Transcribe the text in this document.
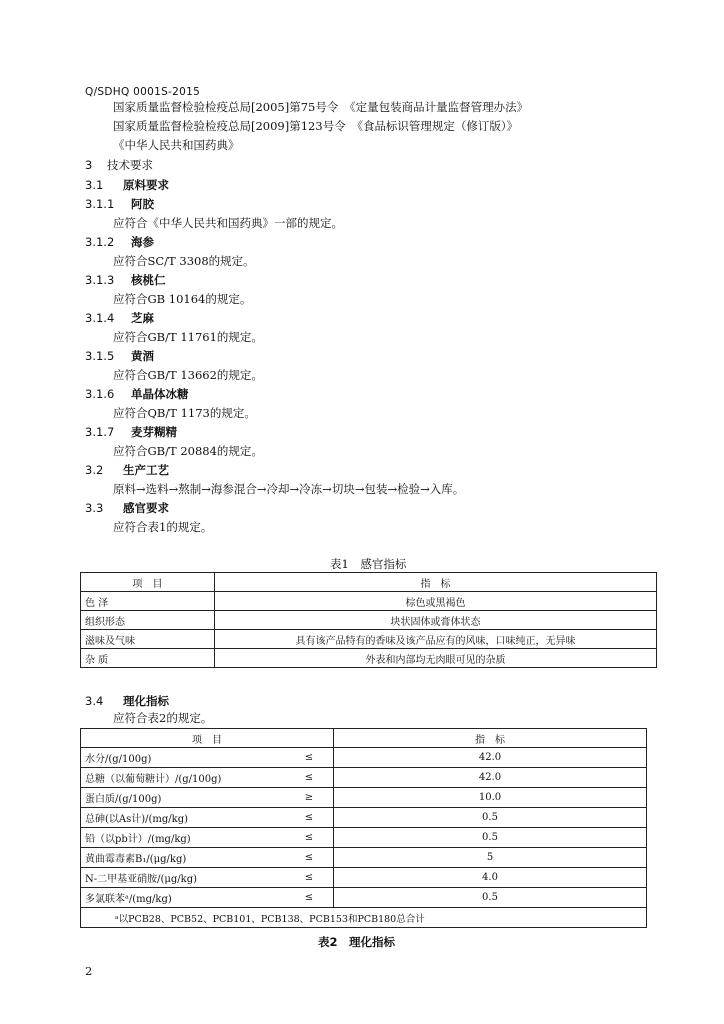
Q/SDHQ 0001S-2015
国家质量监督检验检疫总局[2005]第75号令　《定量包装商品计量监督管理办法》
国家质量监督检验检疫总局[2009]第123号令　《食品标识管理规定（修订版）》
《中华人民共和国药典》
3 技术要求
3.1 原料要求
3.1.1 阿胶
应符合《中华人民共和国药典》一部的规定。
3.1.2 海参
应符合SC/T 3308的规定。
3.1.3 核桃仁
应符合GB 10164的规定。
3.1.4 芝麻
应符合GB/T 11761的规定。
3.1.5 黄酒
应符合GB/T 13662的规定。
3.1.6 单晶体冰糖
应符合QB/T 1173的规定。
3.1.7 麦芽糊精
应符合GB/T 20884的规定。
3.2 生产工艺
原料→选料→熬制→海参混合→冷却→冷冻→切块→包装→检验→入库。
3.3 感官要求
应符合表1的规定。
表1　感官指标
项　目	指　标
色 泽	棕色或黑褐色
组织形态	块状固体或膏体状态
滋味及气味	具有该产品特有的香味及该产品应有的风味，口味纯正，无异味
杂 质	外表和内部均无肉眼可见的杂质
3.4 理化指标
应符合表2的规定。
项　目		指　标
水分/(g/100g)	≤	42.0
总糖（以葡萄糖计）/(g/100g)	≤	42.0
蛋白质/(g/100g)	≥	10.0
总砷(以As计)/(mg/kg)	≤	0.5
铅（以pb计）/(mg/kg)	≤	0.5
黄曲霉毒素B₁/(μg/kg)	≤	5
N-二甲基亚硝胺/(μg/kg)	≤	4.0
多氯联苯ᵃ/(mg/kg)	≤	0.5
ᵃ以PCB28、PCB52、PCB101、PCB138、PCB153和PCB180总合计		
表2　理化指标
2
